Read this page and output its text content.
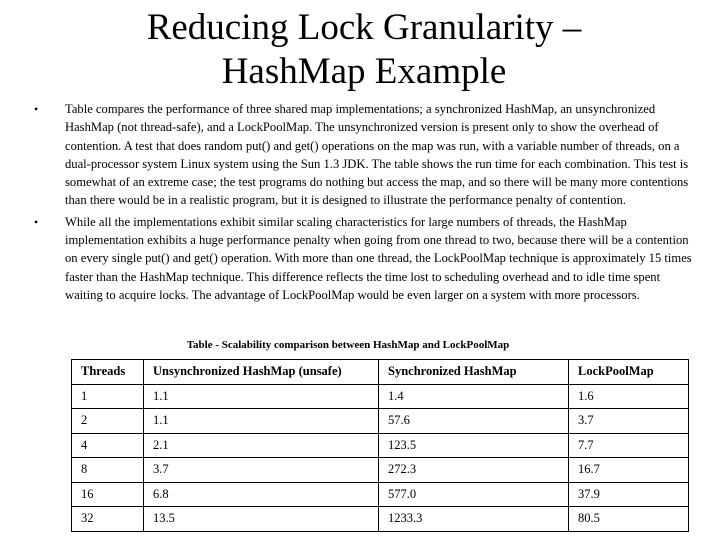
Reducing Lock Granularity –
HashMap Example
• Table compares the performance of three shared map implementations; a synchronized HashMap, an unsynchronized HashMap (not thread-safe), and a LockPoolMap. The unsynchronized version is present only to show the overhead of contention. A test that does random put() and get() operations on the map was run, with a variable number of threads, on a dual-processor system Linux system using the Sun 1.3 JDK. The table shows the run time for each combination. This test is somewhat of an extreme case; the test programs do nothing but access the map, and so there will be many more contentions than there would be in a realistic program, but it is designed to illustrate the performance penalty of contention.
• While all the implementations exhibit similar scaling characteristics for large numbers of threads, the HashMap implementation exhibits a huge performance penalty when going from one thread to two, because there will be a contention on every single put() and get() operation. With more than one thread, the LockPoolMap technique is approximately 15 times faster than the HashMap technique. This difference reflects the time lost to scheduling overhead and to idle time spent waiting to acquire locks. The advantage of LockPoolMap would be even larger on a system with more processors.
Table - Scalability comparison between HashMap and LockPoolMap
Threads	Unsynchronized HashMap (unsafe)	Synchronized HashMap	LockPoolMap
1	1.1	1.4	1.6
2	1.1	57.6	3.7
4	2.1	123.5	7.7
8	3.7	272.3	16.7
16	6.8	577.0	37.9
32	13.5	1233.3	80.5
